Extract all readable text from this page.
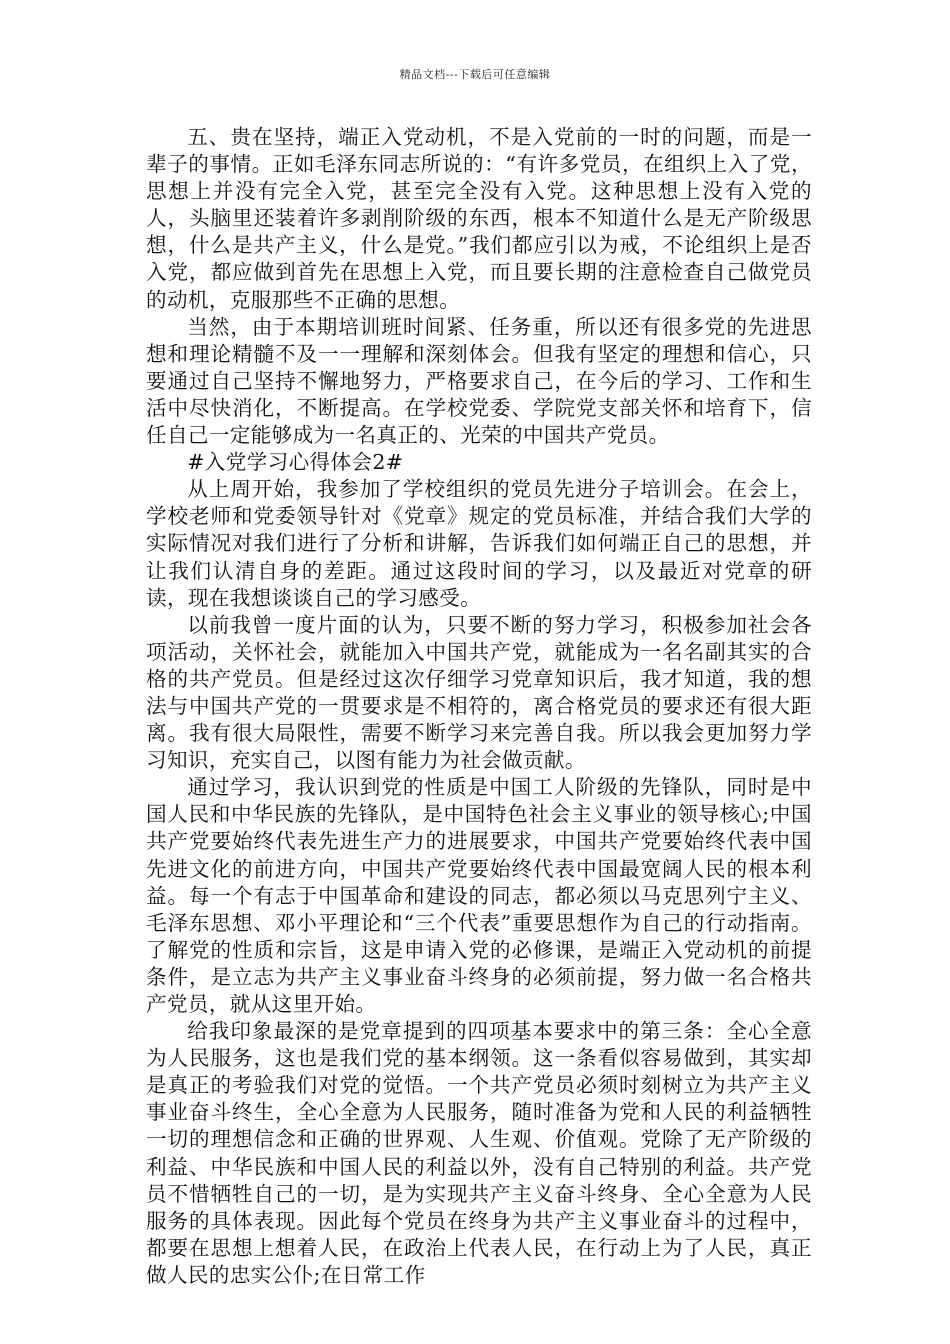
精品文档---下载后可任意编辑

五、贵在坚持，端正入党动机，不是入党前的一时的问题，而是一辈子的事情。正如毛泽东同志所说的：“有许多党员，在组织上入了党，思想上并没有完全入党，甚至完全没有入党。这种思想上没有入党的人，头脑里还装着许多剥削阶级的东西，根本不知道什么是无产阶级思想，什么是共产主义，什么是党。”我们都应引以为戒，不论组织上是否入党，都应做到首先在思想上入党，而且要长期的注意检查自己做党员的动机，克服那些不正确的思想。

当然，由于本期培训班时间紧、任务重，所以还有很多党的先进思想和理论精髓不及一一理解和深刻体会。但我有坚定的理想和信心，只要通过自己坚持不懈地努力，严格要求自己，在今后的学习、工作和生活中尽快消化，不断提高。在学校党委、学院党支部关怀和培育下，信任自己一定能够成为一名真正的、光荣的中国共产党员。

#入党学习心得体会2#

从上周开始，我参加了学校组织的党员先进分子培训会。在会上，学校老师和党委领导针对《党章》规定的党员标准，并结合我们大学的实际情况对我们进行了分析和讲解，告诉我们如何端正自己的思想，并让我们认清自身的差距。通过这段时间的学习，以及最近对党章的研读，现在我想谈谈自己的学习感受。

以前我曾一度片面的认为，只要不断的努力学习，积极参加社会各项活动，关怀社会，就能加入中国共产党，就能成为一名名副其实的合格的共产党员。但是经过这次仔细学习党章知识后，我才知道，我的想法与中国共产党的一贯要求是不相符的，离合格党员的要求还有很大距离。我有很大局限性，需要不断学习来完善自我。所以我会更加努力学习知识，充实自己，以图有能力为社会做贡献。

通过学习，我认识到党的性质是中国工人阶级的先锋队，同时是中国人民和中华民族的先锋队，是中国特色社会主义事业的领导核心;中国共产党要始终代表先进生产力的进展要求，中国共产党要始终代表中国先进文化的前进方向，中国共产党要始终代表中国最宽阔人民的根本利益。每一个有志于中国革命和建设的同志，都必须以马克思列宁主义、毛泽东思想、邓小平理论和“三个代表”重要思想作为自己的行动指南。了解党的性质和宗旨，这是申请入党的必修课，是端正入党动机的前提条件，是立志为共产主义事业奋斗终身的必须前提，努力做一名合格共产党员，就从这里开始。

给我印象最深的是党章提到的四项基本要求中的第三条：全心全意为人民服务，这也是我们党的基本纲领。这一条看似容易做到，其实却是真正的考验我们对党的觉悟。一个共产党员必须时刻树立为共产主义事业奋斗终生，全心全意为人民服务，随时准备为党和人民的利益牺牲一切的理想信念和正确的世界观、人生观、价值观。党除了无产阶级的利益、中华民族和中国人民的利益以外，没有自己特别的利益。共产党员不惜牺牲自己的一切，是为实现共产主义奋斗终身、全心全意为人民服务的具体表现。因此每个党员在终身为共产主义事业奋斗的过程中，都要在思想上想着人民，在政治上代表人民，在行动上为了人民，真正做人民的忠实公仆;在日常工作
